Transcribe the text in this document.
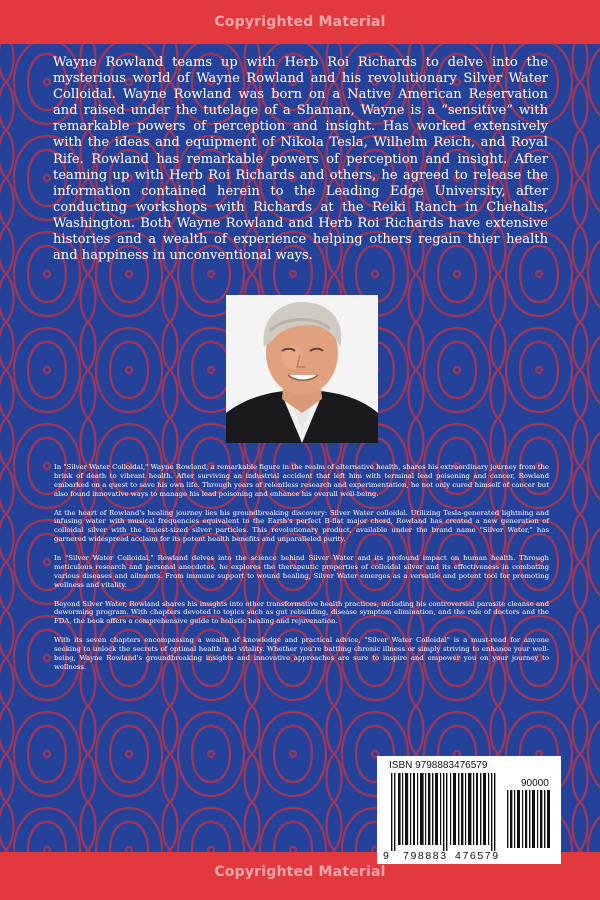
Copyrighted Material

Wayne Rowland teams up with Herb Roi Richards to delve into the mysterious world of Wayne Rowland and his revolutionary Silver Water Colloidal. Wayne Rowland was born on a Native American Reservation and raised under the tutelage of a Shaman, Wayne is a “sensitive” with remarkable powers of perception and insight. Has worked extensively with the ideas and equipment of Nikola Tesla, Wilhelm Reich, and Royal Rife. Rowland has remarkable powers of perception and insight. After teaming up with Herb Roi Richards and others, he agreed to release the information contained herein to the Leading Edge University, after conducting workshops with Richards at the Reiki Ranch in Chehalis, Washington. Both Wayne Rowland and Herb Roi Richards have extensive histories and a wealth of experience helping others regain thier health and happiness in unconventional ways.

In "Silver Water Colloidal," Wayne Rowland, a remarkable figure in the realm of alternative health, shares his extraordinary journey from the brink of death to vibrant health. After surviving an industrial accident that left him with terminal lead poisoning and cancer, Rowland embarked on a quest to save his own life. Through years of relentless research and experimentation, he not only cured himself of cancer but also found innovative ways to manage his lead poisoning and enhance his overall well-being.

At the heart of Rowland's healing journey lies his groundbreaking discovery: Silver Water colloidal. Utilizing Tesla-generated lightning and infusing water with musical frequencies equivalent to the Earth's perfect B-flat major chord, Rowland has created a new generation of colloidal silver with the tiniest-sized silver particles. This revolutionary product, available under the brand name "Silver Water," has garnered widespread acclaim for its potent health benefits and unparalleled purity.

In "Silver Water Colloidal," Rowland delves into the science behind Silver Water and its profound impact on human health. Through meticulous research and personal anecdotes, he explores the therapeutic properties of colloidal silver and its effectiveness in combating various diseases and ailments. From immune support to wound healing, Silver Water emerges as a versatile and potent tool for promoting wellness and vitality.

Beyond Silver Water, Rowland shares his insights into other transformative health practices, including his controversial parasite cleanse and deworming program. With chapters devoted to topics such as gut rebuilding, disease symptom elimination, and the role of doctors and the FDA, the book offers a comprehensive guide to holistic healing and rejuvenation.

With its seven chapters encompassing a wealth of knowledge and practical advice, "Silver Water Colloidal" is a must-read for anyone seeking to unlock the secrets of optimal health and vitality. Whether you're battling chronic illness or simply striving to enhance your well-being, Wayne Rowland's groundbreaking insights and innovative approaches are sure to inspire and empower you on your journey to wellness.

ISBN 9798883476579
90000
9 798883 476579
Copyrighted Material
